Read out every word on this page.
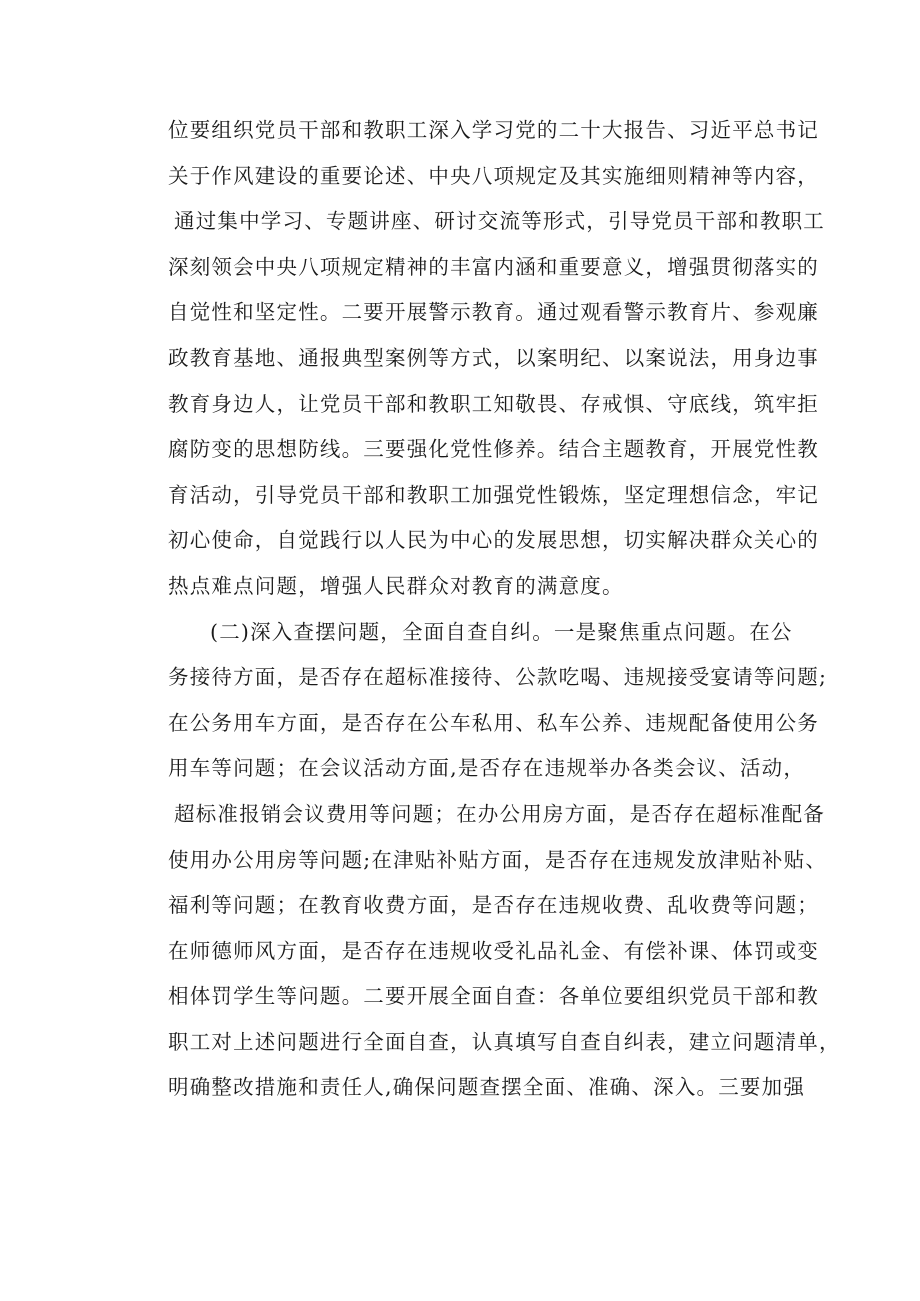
位要组织党员干部和教职工深入学习党的二十大报告、习近平总书记
关于作风建设的重要论述、中央八项规定及其实施细则精神等内容，
通过集中学习、专题讲座、研讨交流等形式，引导党员干部和教职工
深刻领会中央八项规定精神的丰富内涵和重要意义，增强贯彻落实的
自觉性和坚定性。二要开展警示教育。通过观看警示教育片、参观廉
政教育基地、通报典型案例等方式，以案明纪、以案说法，用身边事
教育身边人，让党员干部和教职工知敬畏、存戒惧、守底线，筑牢拒
腐防变的思想防线。三要强化党性修养。结合主题教育，开展党性教
育活动，引导党员干部和教职工加强党性锻炼，坚定理想信念，牢记
初心使命，自觉践行以人民为中心的发展思想，切实解决群众关心的
热点难点问题，增强人民群众对教育的满意度。
(二)深入查摆问题，全面自查自纠。一是聚焦重点问题。在公
务接待方面，是否存在超标准接待、公款吃喝、违规接受宴请等问题;
在公务用车方面，是否存在公车私用、私车公养、违规配备使用公务
用车等问题；在会议活动方面,是否存在违规举办各类会议、活动，
超标准报销会议费用等问题；在办公用房方面，是否存在超标准配备
使用办公用房等问题;在津贴补贴方面，是否存在违规发放津贴补贴、
福利等问题；在教育收费方面，是否存在违规收费、乱收费等问题；
在师德师风方面，是否存在违规收受礼品礼金、有偿补课、体罚或变
相体罚学生等问题。二要开展全面自查：各单位要组织党员干部和教
职工对上述问题进行全面自查，认真填写自查自纠表，建立问题清单，
明确整改措施和责任人,确保问题查摆全面、准确、深入。三要加强
